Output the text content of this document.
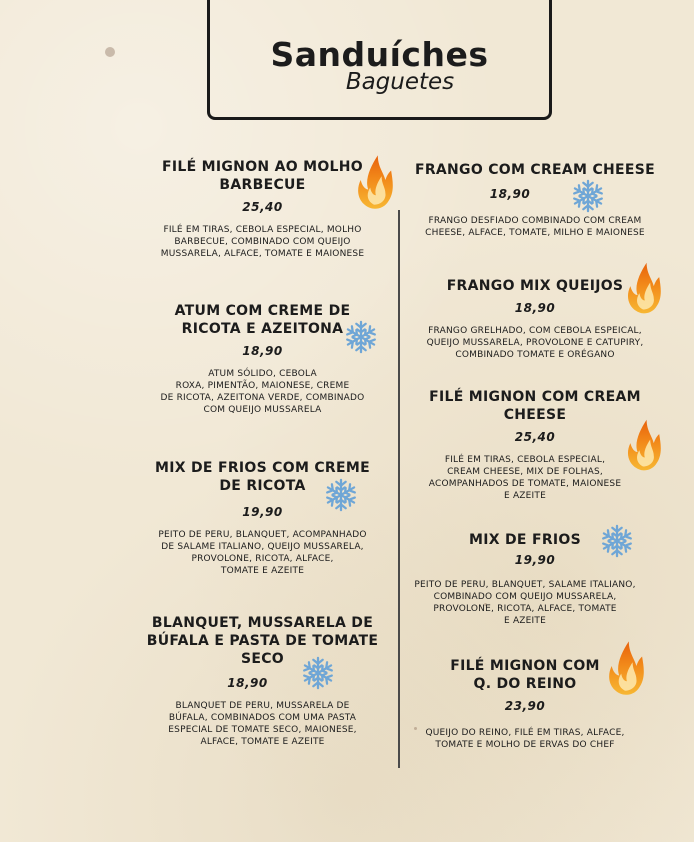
Sanduíches
Baguetes
FILÉ MIGNON AO MOLHO
BARBECUE
25,40
FILÉ EM TIRAS, CEBOLA ESPECIAL, MOLHO
BARBECUE, COMBINADO COM QUEIJO
MUSSARELA, ALFACE, TOMATE E MAIONESE
ATUM COM CREME DE
RICOTA E AZEITONA
18,90
ATUM SÓLIDO, CEBOLA
ROXA, PIMENTÃO, MAIONESE, CREME
DE RICOTA, AZEITONA VERDE, COMBINADO
COM QUEIJO MUSSARELA
MIX DE FRIOS COM CREME
DE RICOTA
19,90
PEITO DE PERU, BLANQUET, ACOMPANHADO
DE SALAME ITALIANO, QUEIJO MUSSARELA,
PROVOLONE, RICOTA, ALFACE,
TOMATE E AZEITE
BLANQUET, MUSSARELA DE
BÚFALA E PASTA DE TOMATE
SECO
18,90
BLANQUET DE PERU, MUSSARELA DE
BÚFALA, COMBINADOS COM UMA PASTA
ESPECIAL DE TOMATE SECO, MAIONESE,
ALFACE, TOMATE E AZEITE
FRANGO COM CREAM CHEESE
18,90
FRANGO DESFIADO COMBINADO COM CREAM
CHEESE, ALFACE, TOMATE, MILHO E MAIONESE
FRANGO MIX QUEIJOS
18,90
FRANGO GRELHADO, COM CEBOLA ESPEICAL,
QUEIJO MUSSARELA, PROVOLONE E CATUPIRY,
COMBINADO TOMATE E ORÉGANO
FILÉ MIGNON COM CREAM
CHEESE
25,40
FILÉ EM TIRAS, CEBOLA ESPECIAL,
CREAM CHEESE, MIX DE FOLHAS,
ACOMPANHADOS DE TOMATE, MAIONESE
E AZEITE
MIX DE FRIOS
19,90
PEITO DE PERU, BLANQUET, SALAME ITALIANO,
COMBINADO COM QUEIJO MUSSARELA,
PROVOLONE, RICOTA, ALFACE, TOMATE
E AZEITE
FILÉ MIGNON COM
Q. DO REINO
23,90
QUEIJO DO REINO, FILÉ EM TIRAS, ALFACE,
TOMATE E MOLHO DE ERVAS DO CHEF
